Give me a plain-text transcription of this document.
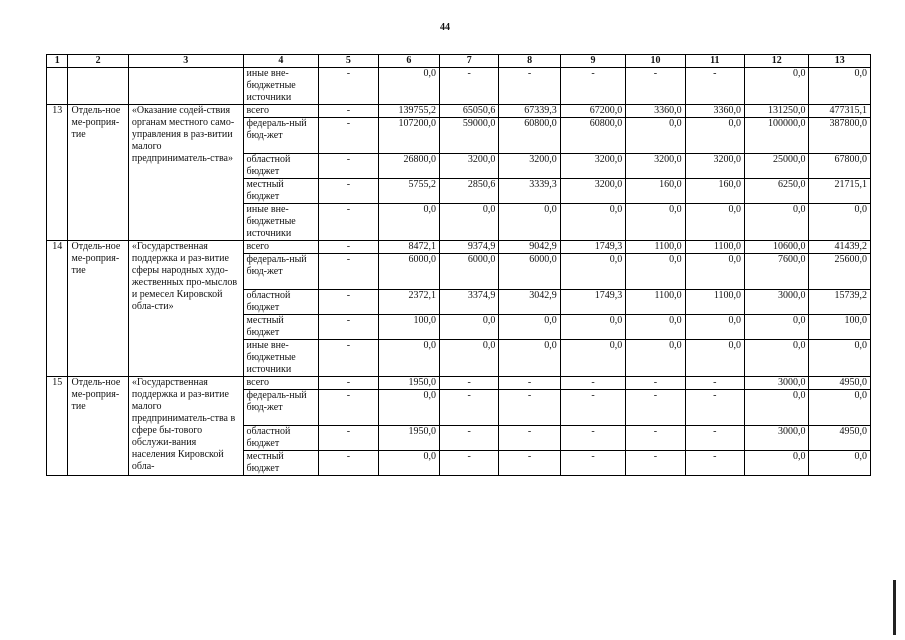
44
1	2	3	4	5	6	7	8	9	10	11	12	13
			иные вне-бюджетные источники	-	0,0	-	-	-	-	-	0,0	0,0
13	Отдель-ное ме-роприя-тие	«Оказание содей-ствия органам местного само-управления в раз-витии малого предприниматель-ства»	всего	-	139755,2	65050,6	67339,3	67200,0	3360,0	3360,0	131250,0	477315,1
			федераль-ный бюд-жет	-	107200,0	59000,0	60800,0	60800,0	0,0	0,0	100000,0	387800,0
			областной бюджет	-	26800,0	3200,0	3200,0	3200,0	3200,0	3200,0	25000,0	67800,0
			местный бюджет	-	5755,2	2850,6	3339,3	3200,0	160,0	160,0	6250,0	21715,1
			иные вне-бюджетные источники	-	0,0	0,0	0,0	0,0	0,0	0,0	0,0	0,0
14	Отдель-ное ме-роприя-тие	«Государственная поддержка и раз-витие сферы народных худо-жественных про-мыслов и ремесел Кировской обла-сти»	всего	-	8472,1	9374,9	9042,9	1749,3	1100,0	1100,0	10600,0	41439,2
			федераль-ный бюд-жет	-	6000,0	6000,0	6000,0	0,0	0,0	0,0	7600,0	25600,0
			областной бюджет	-	2372,1	3374,9	3042,9	1749,3	1100,0	1100,0	3000,0	15739,2
			местный бюджет	-	100,0	0,0	0,0	0,0	0,0	0,0	0,0	100,0
			иные вне-бюджетные источники	-	0,0	0,0	0,0	0,0	0,0	0,0	0,0	0,0
15	Отдель-ное ме-роприя-тие	«Государственная поддержка и раз-витие малого предприниматель-ства в сфере бы-тового обслужи-вания населения Кировской обла-	всего	-	1950,0	-	-	-	-	-	3000,0	4950,0
			федераль-ный бюд-жет	-	0,0	-	-	-	-	-	0,0	0,0
			областной бюджет	-	1950,0	-	-	-	-	-	3000,0	4950,0
			местный бюджет	-	0,0	-	-	-	-	-	0,0	0,0
